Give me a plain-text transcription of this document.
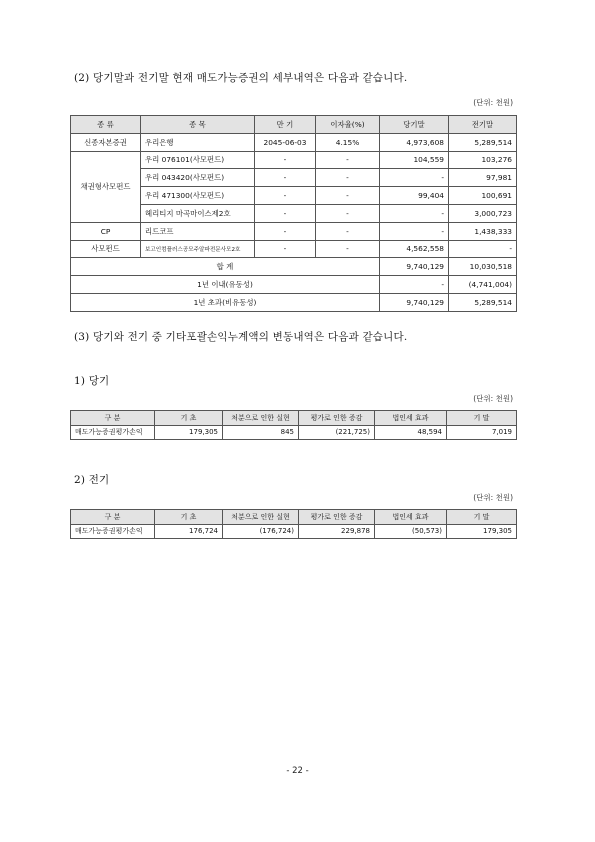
(2) 당기말과 전기말 현재 매도가능증권의 세부내역은 다음과 같습니다.
(단위: 천원)
종 류	종 목	만 기	이자율(%)	당기말	전기말
신종자본증권	우리은행	2045-06-03	4.15%	4,973,608	5,289,514
채권형사모펀드	우리 076101(사모펀드)	-	-	104,559	103,276
	우리 043420(사모펀드)	-	-	-	97,981
	우리 471300(사모펀드)	-	-	99,404	100,691
	헤리티지 마곡마이스제2호	-	-	-	3,000,723
CP	리드코프	-	-	-	1,438,333
사모펀드	보고인컴플러스공모주알파전문사모2호	-	-	4,562,558	-
합 계				9,740,129	10,030,518
1년 이내(유동성)				-	(4,741,004)
1년 초과(비유동성)				9,740,129	5,289,514
(3) 당기와 전기 중 기타포괄손익누계액의 변동내역은 다음과 같습니다.
1) 당기
(단위: 천원)
구 분	기 초	처분으로 인한 실현	평가로 인한 증감	법인세 효과	기 말
매도가능증권평가손익	179,305	845	(221,725)	48,594	7,019
2) 전기
(단위: 천원)
구 분	기 초	처분으로 인한 실현	평가로 인한 증감	법인세 효과	기 말
매도가능증권평가손익	176,724	(176,724)	229,878	(50,573)	179,305
- 22 -
